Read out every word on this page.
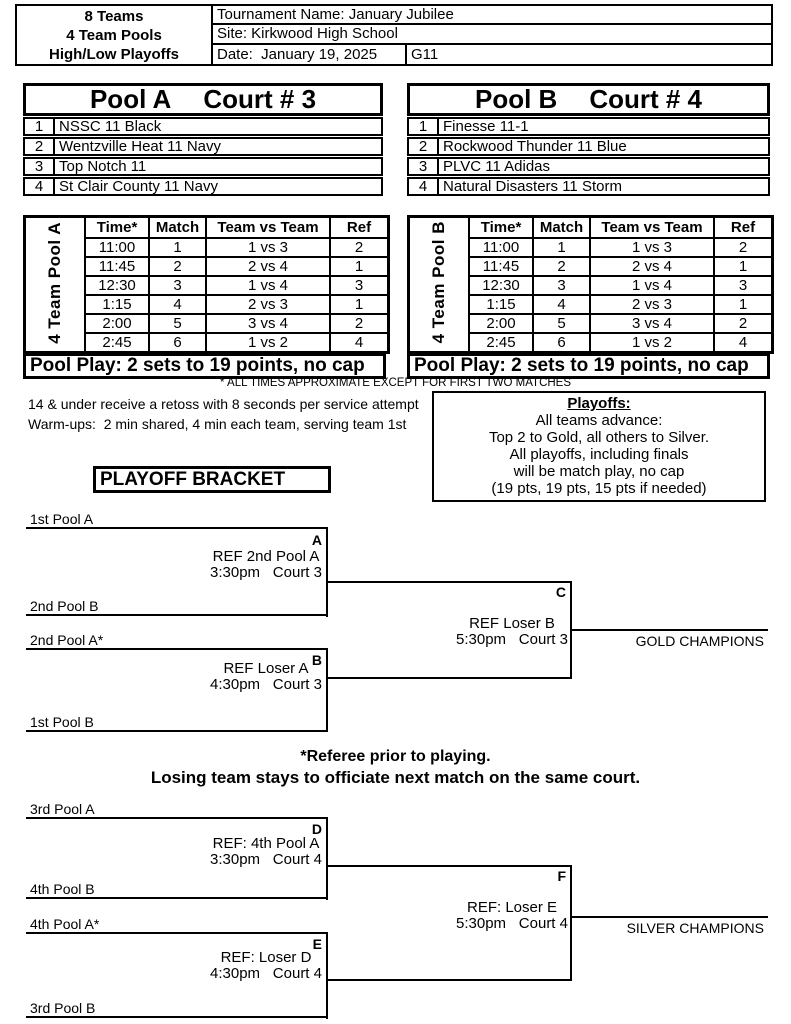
8 Teams
4 Team Pools
High/Low Playoffs
Tournament Name: January Jubilee
Site: Kirkwood High School
Date:  January 19, 2025	G11
Pool A Court # 3
1	NSSC 11 Black
2	Wentzville Heat 11 Navy
3	Top Notch 11
4	St Clair County 11 Navy
Pool B Court # 4
1	Finesse 11-1
2	Rockwood Thunder 11 Blue
3	PLVC 11 Adidas
4	Natural Disasters 11 Storm
4 Team Pool A	Time*	Match	Team vs Team	Ref
	11:00	1	1 vs 3	2
	11:45	2	2 vs 4	1
	12:30	3	1 vs 4	3
	1:15	4	2 vs 3	1
	2:00	5	3 vs 4	2
	2:45	6	1 vs 2	4
Pool Play: 2 sets to 19 points, no cap
4 Team Pool B	Time*	Match	Team vs Team	Ref
	11:00	1	1 vs 3	2
	11:45	2	2 vs 4	1
	12:30	3	1 vs 4	3
	1:15	4	2 vs 3	1
	2:00	5	3 vs 4	2
	2:45	6	1 vs 2	4
Pool Play: 2 sets to 19 points, no cap
* ALL TIMES APPROXIMATE EXCEPT FOR FIRST TWO MATCHES
14 & under receive a retoss with 8 seconds per service attempt
Warm-ups:  2 min shared, 4 min each team, serving team 1st
Playoffs:
All teams advance:
Top 2 to Gold, all others to Silver.
All playoffs, including finals
will be match play, no cap
(19 pts, 19 pts, 15 pts if needed)
PLAYOFF BRACKET
1st Pool A
2nd Pool B
2nd Pool A*
1st Pool B
A
B
C
REF 2nd Pool A
3:30pm Court 3
REF Loser A
4:30pm Court 3
REF Loser B
5:30pm Court 3	GOLD CHAMPIONS
*Referee prior to playing.
Losing team stays to officiate next match on the same court.
3rd Pool A
4th Pool B
4th Pool A*
3rd Pool B
D
E
F
REF: 4th Pool A
3:30pm Court 4
REF: Loser D
4:30pm Court 4
REF: Loser E
5:30pm Court 4	SILVER CHAMPIONS
